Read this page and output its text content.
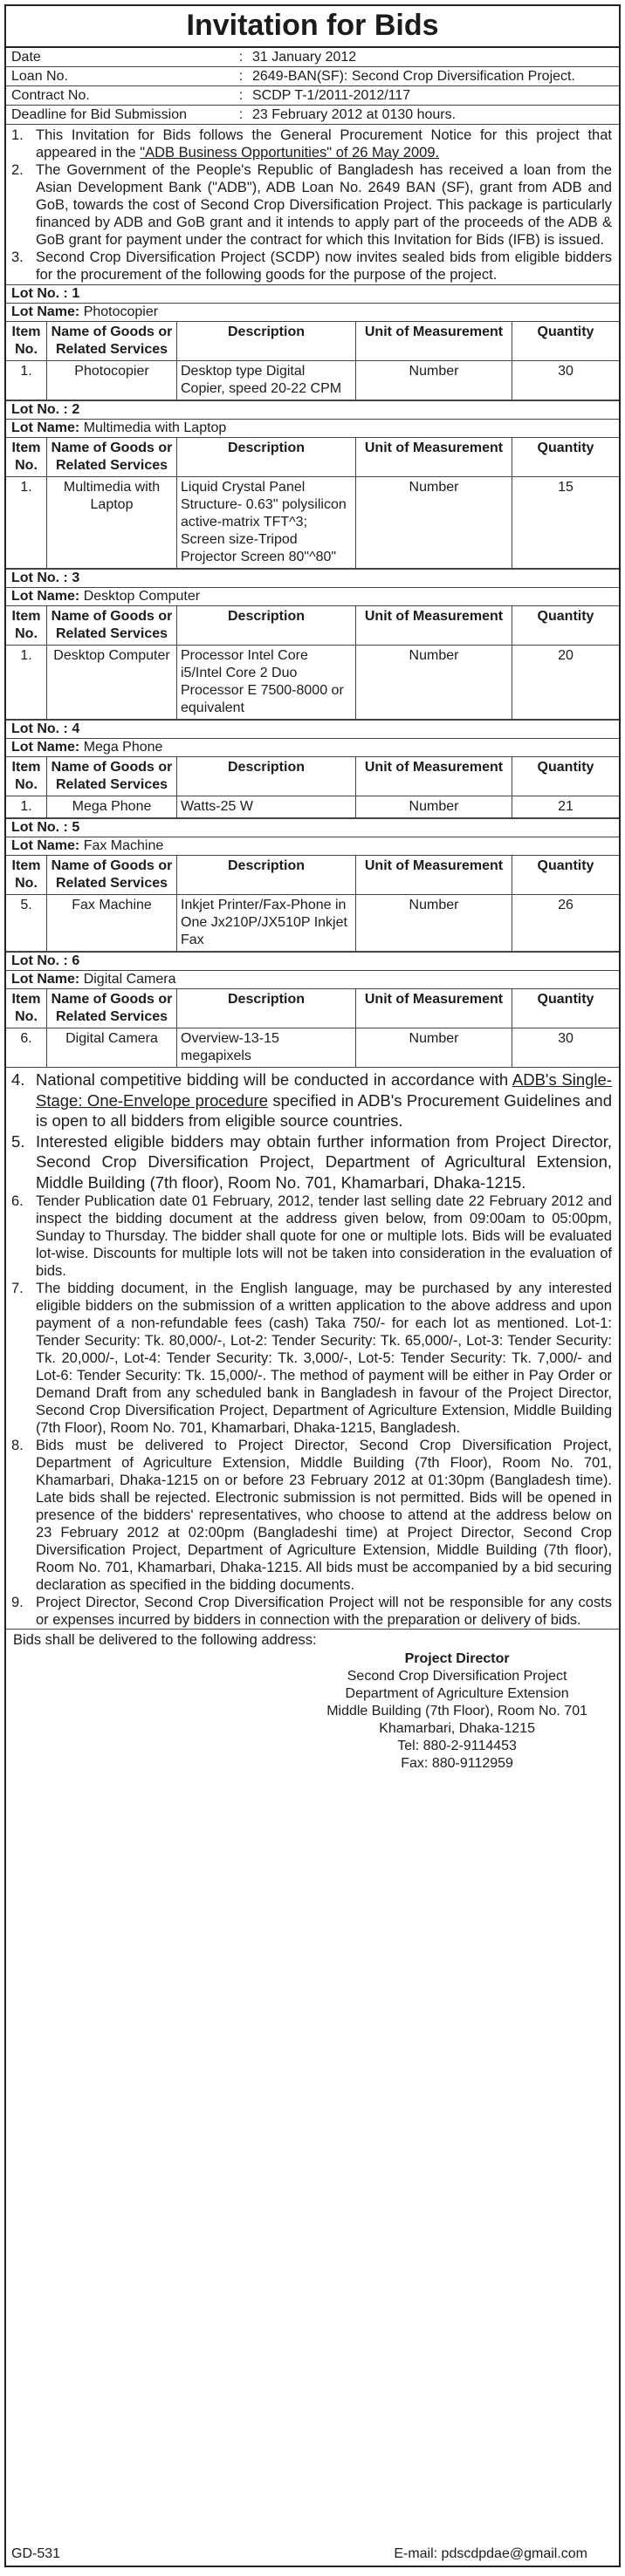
Invitation for Bids
Date	:	31 January 2012
Loan No.	:	2649-BAN(SF): Second Crop Diversification Project.
Contract No.	:	SCDP T-1/2011-2012/117
Deadline for Bid Submission	:	23 February 2012 at 0130 hours.
1. This Invitation for Bids follows the General Procurement Notice for this project that appeared in the "ADB Business Opportunities" of 26 May 2009.
2. The Government of the People's Republic of Bangladesh has received a loan from the Asian Development Bank ("ADB"), ADB Loan No. 2649 BAN (SF), grant from ADB and GoB, towards the cost of Second Crop Diversification Project. This package is particularly financed by ADB and GoB grant and it intends to apply part of the proceeds of the ADB & GoB grant for payment under the contract for which this Invitation for Bids (IFB) is issued.
3. Second Crop Diversification Project (SCDP) now invites sealed bids from eligible bidders for the procurement of the following goods for the purpose of the project.
Lot No. : 1
Lot Name: Photocopier
Item No.	Name of Goods or Related Services	Description	Unit of Measurement	Quantity
1.	Photocopier	Desktop type Digital Copier, speed 20-22 CPM	Number	30
Lot No. : 2
Lot Name: Multimedia with Laptop
Item No.	Name of Goods or Related Services	Description	Unit of Measurement	Quantity
1.	Multimedia with Laptop	Liquid Crystal Panel Structure- 0.63" polysilicon active-matrix TFT^3; Screen size-Tripod Projector Screen 80"^80"	Number	15
Lot No. : 3
Lot Name: Desktop Computer
Item No.	Name of Goods or Related Services	Description	Unit of Measurement	Quantity
1.	Desktop Computer	Processor Intel Core i5/Intel Core 2 Duo Processor E 7500-8000 or equivalent	Number	20
Lot No. : 4
Lot Name: Mega Phone
Item No.	Name of Goods or Related Services	Description	Unit of Measurement	Quantity
1.	Mega Phone	Watts-25 W	Number	21
Lot No. : 5
Lot Name: Fax Machine
Item No.	Name of Goods or Related Services	Description	Unit of Measurement	Quantity
5.	Fax Machine	Inkjet Printer/Fax-Phone in One Jx210P/JX510P Inkjet Fax	Number	26
Lot No. : 6
Lot Name: Digital Camera
Item No.	Name of Goods or Related Services	Description	Unit of Measurement	Quantity
6.	Digital Camera	Overview-13-15 megapixels	Number	30
4. National competitive bidding will be conducted in accordance with ADB's Single-Stage: One-Envelope procedure specified in ADB's Procurement Guidelines and is open to all bidders from eligible source countries.
5. Interested eligible bidders may obtain further information from Project Director, Second Crop Diversification Project, Department of Agricultural Extension, Middle Building (7th floor), Room No. 701, Khamarbari, Dhaka-1215.
6. Tender Publication date 01 February, 2012, tender last selling date 22 February 2012 and inspect the bidding document at the address given below, from 09:00am to 05:00pm, Sunday to Thursday. The bidder shall quote for one or multiple lots. Bids will be evaluated lot-wise. Discounts for multiple lots will not be taken into consideration in the evaluation of bids.
7. The bidding document, in the English language, may be purchased by any interested eligible bidders on the submission of a written application to the above address and upon payment of a non-refundable fees (cash) Taka 750/- for each lot as mentioned. Lot-1: Tender Security: Tk. 80,000/-, Lot-2: Tender Security: Tk. 65,000/-, Lot-3: Tender Security: Tk. 20,000/-, Lot-4: Tender Security: Tk. 3,000/-, Lot-5: Tender Security: Tk. 7,000/- and Lot-6: Tender Security: Tk. 15,000/-. The method of payment will be either in Pay Order or Demand Draft from any scheduled bank in Bangladesh in favour of the Project Director, Second Crop Diversification Project, Department of Agriculture Extension, Middle Building (7th Floor), Room No. 701, Khamarbari, Dhaka-1215, Bangladesh.
8. Bids must be delivered to Project Director, Second Crop Diversification Project, Department of Agriculture Extension, Middle Building (7th Floor), Room No. 701, Khamarbari, Dhaka-1215 on or before 23 February 2012 at 01:30pm (Bangladesh time). Late bids shall be rejected. Electronic submission is not permitted. Bids will be opened in presence of the bidders' representatives, who choose to attend at the address below on 23 February 2012 at 02:00pm (Bangladeshi time) at Project Director, Second Crop Diversification Project, Department of Agriculture Extension, Middle Building (7th floor), Room No. 701, Khamarbari, Dhaka-1215. All bids must be accompanied by a bid securing declaration as specified in the bidding documents.
9. Project Director, Second Crop Diversification Project will not be responsible for any costs or expenses incurred by bidders in connection with the preparation or delivery of bids.
Bids shall be delivered to the following address:
Project Director
Second Crop Diversification Project
Department of Agriculture Extension
Middle Building (7th Floor), Room No. 701
Khamarbari, Dhaka-1215
Tel: 880-2-9114453
Fax: 880-9112959
GD-531	E-mail: pdscdpdae@gmail.com
